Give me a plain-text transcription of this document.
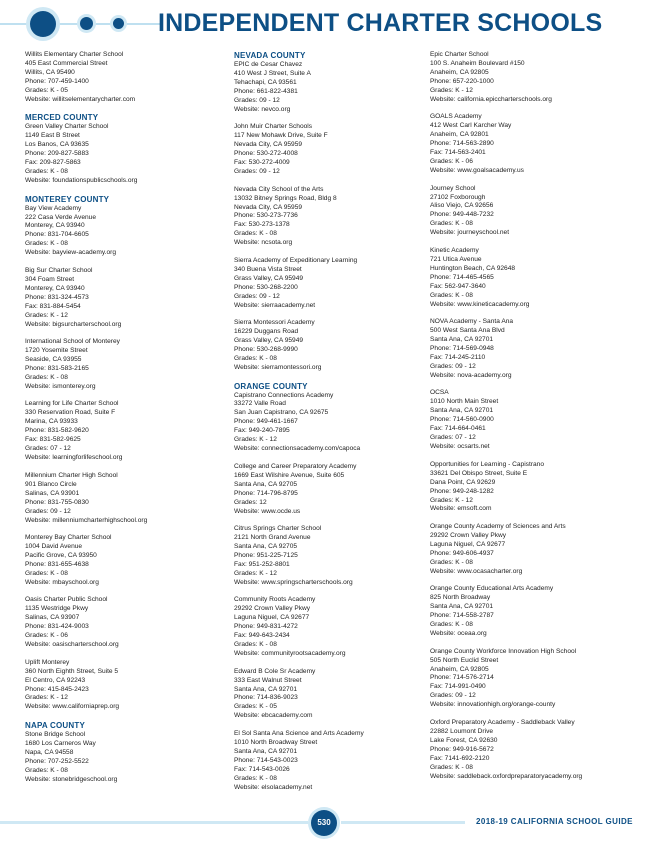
INDEPENDENT CHARTER SCHOOLS
Willits Elementary Charter School
405 East Commercial Street
Willits, CA 95490
Phone: 707-459-1400
Grades: K - 05
Website: willitselementarycharter.com
MERCED COUNTY
Green Valley Charter School
1149 East B Street
Los Banos, CA 93635
Phone: 209-827-5883
Fax: 209-827-5863
Grades: K - 08
Website: foundationspublicschools.org
MONTEREY COUNTY
Bay View Academy
222 Casa Verde Avenue
Monterey, CA 93940
Phone: 831-704-6605
Grades: K - 08
Website: bayview-academy.org
Big Sur Charter School
304 Foam Street
Monterey, CA 93940
Phone: 831-324-4573
Fax: 831-884-5454
Grades: K - 12
Website: bigsurcharterschool.org
International School of Monterey
1720 Yosemite Street
Seaside, CA 93955
Phone: 831-583-2165
Grades: K - 08
Website: ismonterey.org
Learning for Life Charter School
330 Reservation Road, Suite F
Marina, CA 93933
Phone: 831-582-9620
Fax: 831-582-9625
Grades: 07 - 12
Website: learningforlifeschool.org
Millennium Charter High School
901 Blanco Circle
Salinas, CA 93901
Phone: 831-755-0830
Grades: 09 - 12
Website: millenniumcharterhighschool.org
Monterey Bay Charter School
1004 David Avenue
Pacific Grove, CA 93950
Phone: 831-655-4638
Grades: K - 08
Website: mbayschool.org
Oasis Charter Public School
1135 Westridge Pkwy
Salinas, CA 93907
Phone: 831-424-9003
Grades: K - 06
Website: oasischarterschool.org
Uplift Monterey
360 North Eighth Street, Suite 5
El Centro, CA 92243
Phone: 415-845-2423
Grades: K - 12
Website: www.californiaprep.org
NAPA COUNTY
Stone Bridge School
1680 Los Carneros Way
Napa, CA 94558
Phone: 707-252-5522
Grades: K - 08
Website: stonebridgeschool.org
NEVADA COUNTY
EPIC de Cesar Chavez
410 West J Street, Suite A
Tehachapi, CA 93561
Phone: 661-822-4381
Grades: 09 - 12
Website: nevco.org
John Muir Charter Schools
117 New Mohawk Drive, Suite F
Nevada City, CA 95959
Phone: 530-272-4008
Fax: 530-272-4009
Grades: 09 - 12
Nevada City School of the Arts
13032 Bitney Springs Road, Bldg 8
Nevada City, CA 95959
Phone: 530-273-7736
Fax: 530-273-1378
Grades: K - 08
Website: ncsota.org
Sierra Academy of Expeditionary Learning
340 Buena Vista Street
Grass Valley, CA 95949
Phone: 530-268-2200
Grades: 09 - 12
Website: sierraacademy.net
Sierra Montessori Academy
16229 Duggans Road
Grass Valley, CA 95949
Phone: 530-268-9990
Grades: K - 08
Website: sierramontessori.org
ORANGE COUNTY
Capistrano Connections Academy
33272 Valle Road
San Juan Capistrano, CA 92675
Phone: 949-461-1667
Fax: 949-240-7895
Grades: K - 12
Website: connectionsacademy.com/capoca
College and Career Preparatory Academy
1669 East Wilshire Avenue, Suite 605
Santa Ana, CA 92705
Phone: 714-796-8795
Grades: 12
Website: www.ocde.us
Citrus Springs Charter School
2121 North Grand Avenue
Santa Ana, CA 92705
Phone: 951-225-7125
Fax: 951-252-8801
Grades: K - 12
Website: www.springscharterschools.org
Community Roots Academy
29292 Crown Valley Pkwy
Laguna Niguel, CA 92677
Phone: 949-831-4272
Fax: 949-643-2434
Grades: K - 08
Website: communityrootsacademy.org
Edward B Cole Sr Academy
333 East Walnut Street
Santa Ana, CA 92701
Phone: 714-836-9023
Grades: K - 05
Website: ebcacademy.com
El Sol Santa Ana Science and Arts Academy
1010 North Broadway Street
Santa Ana, CA 92701
Phone: 714-543-0023
Fax: 714-543-0026
Grades: K - 08
Website: elsolacademy.net
Epic Charter School
100 S. Anaheim Boulevard #150
Anaheim, CA 92805
Phone: 657-220-1000
Grades: K - 12
Website: california.epiccharterschools.org
GOALS Academy
412 West Carl Karcher Way
Anaheim, CA 92801
Phone: 714-563-2890
Fax: 714-563-2401
Grades: K - 06
Website: www.goalsacademy.us
Journey School
27102 Foxborough
Aliso Viejo, CA 92656
Phone: 949-448-7232
Grades: K - 08
Website: journeyschool.net
Kinetic Academy
721 Utica Avenue
Huntington Beach, CA 92648
Phone: 714-465-4565
Fax: 562-947-3640
Grades: K - 08
Website: www.kineticacademy.org
NOVA Academy - Santa Ana
500 West Santa Ana Blvd
Santa Ana, CA 92701
Phone: 714-569-0948
Fax: 714-245-2110
Grades: 09 - 12
Website: nova-academy.org
OCSA
1010 North Main Street
Santa Ana, CA 92701
Phone: 714-560-0900
Fax: 714-664-0461
Grades: 07 - 12
Website: ocsarts.net
Opportunities for Learning - Capistrano
33621 Del Obispo Street, Suite E
Dana Point, CA 92629
Phone: 949-248-1282
Grades: K - 12
Website: emsoft.com
Orange County Academy of Sciences and Arts
29292 Crown Valley Pkwy
Laguna Niguel, CA 92677
Phone: 949-606-4937
Grades: K - 08
Website: www.ocasacharter.org
Orange County Educational Arts Academy
825 North Broadway
Santa Ana, CA 92701
Phone: 714-558-2787
Grades: K - 08
Website: oceaa.org
Orange County Workforce Innovation High School
505 North Euclid Street
Anaheim, CA 92805
Phone: 714-576-2714
Fax: 714-991-0490
Grades: 09 - 12
Website: innovationhigh.org/orange-county
Oxford Preparatory Academy - Saddleback Valley
22882 Loumont Drive
Lake Forest, CA 92630
Phone: 949-916-5672
Fax: 7141-692-2120
Grades: K - 08
Website: saddleback.oxfordpreparatoryacademy.org
530	2018-19 CALIFORNIA SCHOOL GUIDE
